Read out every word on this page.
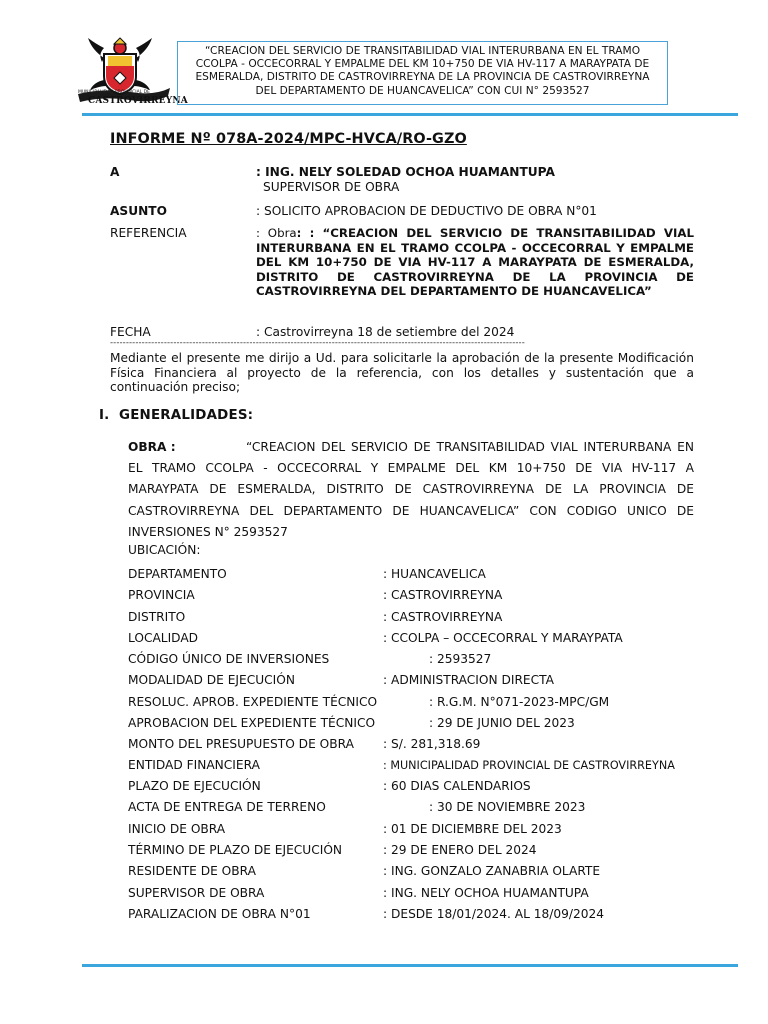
MUNICIPALIDAD PROVINCIAL DE
CASTROVIRREYNA

“CREACION DEL SERVICIO DE TRANSITABILIDAD VIAL INTERURBANA EN EL TRAMO CCOLPA - OCCECORRAL Y EMPALME DEL KM 10+750 DE VIA HV-117 A MARAYPATA DE ESMERALDA, DISTRITO DE CASTROVIRREYNA DE LA PROVINCIA DE CASTROVIRREYNA DEL DEPARTAMENTO DE HUANCAVELICA” CON CUI N° 2593527

INFORME Nº 078A-2024/MPC-HVCA/RO-GZO
A	: ING. NELY SOLEDAD OCHOA HUAMANTUPA
SUPERVISOR DE OBRA
ASUNTO	: SOLICITO APROBACION DE DEDUCTIVO DE OBRA N°01
REFERENCIA	: Obra: : “CREACION DEL SERVICIO DE TRANSITABILIDAD VIAL INTERURBANA EN EL TRAMO CCOLPA - OCCECORRAL Y EMPALME DEL KM 10+750 DE VIA HV-117 A MARAYPATA DE ESMERALDA, DISTRITO DE CASTROVIRREYNA DE LA PROVINCIA DE CASTROVIRREYNA DEL DEPARTAMENTO DE HUANCAVELICA”
FECHA	: Castrovirreyna 18 de setiembre del 2024
-----------------------------------------------------------------------------------------------------------------------------------
Mediante el presente me dirijo a Ud. para solicitarle la aprobación de la presente Modificación Física Financiera al proyecto de la referencia, con los detalles y sustentación que a continuación preciso;
I. GENERALIDADES:
OBRA :	“CREACION DEL SERVICIO DE TRANSITABILIDAD VIAL INTERURBANA EN EL TRAMO CCOLPA - OCCECORRAL Y EMPALME DEL KM 10+750 DE VIA HV-117 A MARAYPATA DE ESMERALDA, DISTRITO DE CASTROVIRREYNA DE LA PROVINCIA DE CASTROVIRREYNA DEL DEPARTAMENTO DE HUANCAVELICA” CON CODIGO UNICO DE INVERSIONES N° 2593527
UBICACIÓN:
DEPARTAMENTO	: HUANCAVELICA
PROVINCIA	: CASTROVIRREYNA
DISTRITO	: CASTROVIRREYNA
LOCALIDAD	: CCOLPA – OCCECORRAL Y MARAYPATA
CÓDIGO ÚNICO DE INVERSIONES	: 2593527
MODALIDAD DE EJECUCIÓN	: ADMINISTRACION DIRECTA
RESOLUC. APROB. EXPEDIENTE TÉCNICO	: R.G.M. N°071-2023-MPC/GM
APROBACION DEL EXPEDIENTE TÉCNICO	: 29 DE JUNIO DEL 2023
MONTO DEL PRESUPUESTO DE OBRA : S/. 281,318.69
ENTIDAD FINANCIERA	: MUNICIPALIDAD PROVINCIAL DE CASTROVIRREYNA
PLAZO DE EJECUCIÓN	: 60 DIAS CALENDARIOS
ACTA DE ENTREGA DE TERRENO	: 30 DE NOVIEMBRE 2023
INICIO DE OBRA	: 01 DE DICIEMBRE DEL 2023
TÉRMINO DE PLAZO DE EJECUCIÓN	: 29 DE ENERO DEL 2024
RESIDENTE DE OBRA	: ING. GONZALO ZANABRIA OLARTE
SUPERVISOR DE OBRA	: ING. NELY OCHOA HUAMANTUPA
PARALIZACION DE OBRA N°01	: DESDE 18/01/2024. AL 18/09/2024
